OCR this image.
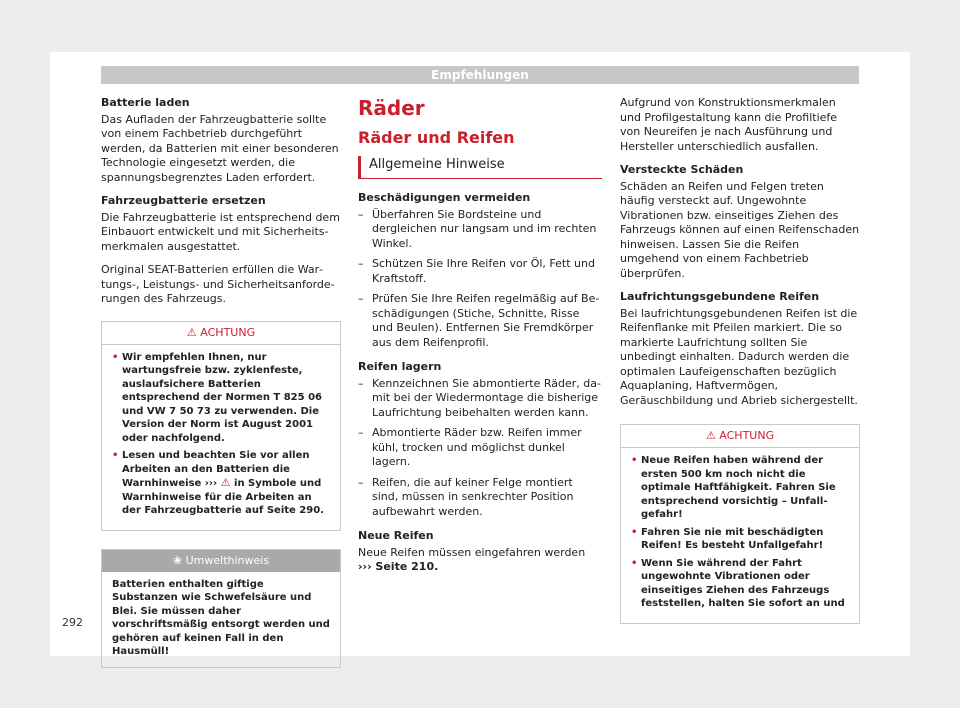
Empfehlungen
Batterie laden

Das Aufladen der Fahrzeugbatterie sollte von einem Fachbetrieb durchgeführt werden, da Batterien mit einer besonderen Technologie eingesetzt werden, die spannungsbegrenztes Laden erfordert.

Fahrzeugbatterie ersetzen

Die Fahrzeugbatterie ist entsprechend dem Einbauort entwickelt und mit Sicherheitsmerkmalen ausgestattet.

Original SEAT-Batterien erfüllen die Wartungs-, Leistungs- und Sicherheitsanforderungen des Fahrzeugs.

⚠ ACHTUNG
• Wir empfehlen Ihnen, nur wartungsfreie bzw. zyklenfeste, auslaufsichere Batterien entsprechend der Normen T 825 06 und VW 7 50 73 zu verwenden. Die Version der Norm ist August 2001 oder nachfolgend.
• Lesen und beachten Sie vor allen Arbeiten an den Batterien die Warnhinweise ››› ⚠ in Symbole und Warnhinweise für die Arbeiten an der Fahrzeugbatterie auf Seite 290.
❀ Umwelthinweis
Batterien enthalten giftige Substanzen wie Schwefelsäure und Blei. Sie müssen daher vorschriftsmäßig entsorgt werden und gehören auf keinen Fall in den Hausmüll!
Räder
Räder und Reifen
Allgemeine Hinweise
Beschädigungen vermeiden
– Überfahren Sie Bordsteine und dergleichen nur langsam und im rechten Winkel.
– Schützen Sie Ihre Reifen vor Öl, Fett und Kraftstoff.
– Prüfen Sie Ihre Reifen regelmäßig auf Beschädigungen (Stiche, Schnitte, Risse und Beulen). Entfernen Sie Fremdkörper aus dem Reifenprofil.
Reifen lagern
– Kennzeichnen Sie abmontierte Räder, damit bei der Wiedermontage die bisherige Laufrichtung beibehalten werden kann.
– Abmontierte Räder bzw. Reifen immer kühl, trocken und möglichst dunkel lagern.
– Reifen, die auf keiner Felge montiert sind, müssen in senkrechter Position aufbewahrt werden.
Neue Reifen

Neue Reifen müssen eingefahren werden ››› Seite 210.

Aufgrund von Konstruktionsmerkmalen und Profilgestaltung kann die Profiltiefe von Neureifen je nach Ausführung und Hersteller unterschiedlich ausfallen.

Versteckte Schäden

Schäden an Reifen und Felgen treten häufig versteckt auf. Ungewohnte Vibrationen bzw. einseitiges Ziehen des Fahrzeugs können auf einen Reifenschaden hinweisen. Lassen Sie die Reifen umgehend von einem Fachbetrieb überprüfen.

Laufrichtungsgebundene Reifen

Bei laufrichtungsgebundenen Reifen ist die Reifenflanke mit Pfeilen markiert. Die so markierte Laufrichtung sollten Sie unbedingt einhalten. Dadurch werden die optimalen Laufeigenschaften bezüglich Aquaplaning, Haftvermögen, Geräuschbildung und Abrieb sichergestellt.

⚠ ACHTUNG
• Neue Reifen haben während der ersten 500 km noch nicht die optimale Haftfähigkeit. Fahren Sie entsprechend vorsichtig – Unfallgefahr!
• Fahren Sie nie mit beschädigten Reifen! Es besteht Unfallgefahr!
• Wenn Sie während der Fahrt ungewohnte Vibrationen oder einseitiges Ziehen des Fahrzeugs feststellen, halten Sie sofort an und
292
